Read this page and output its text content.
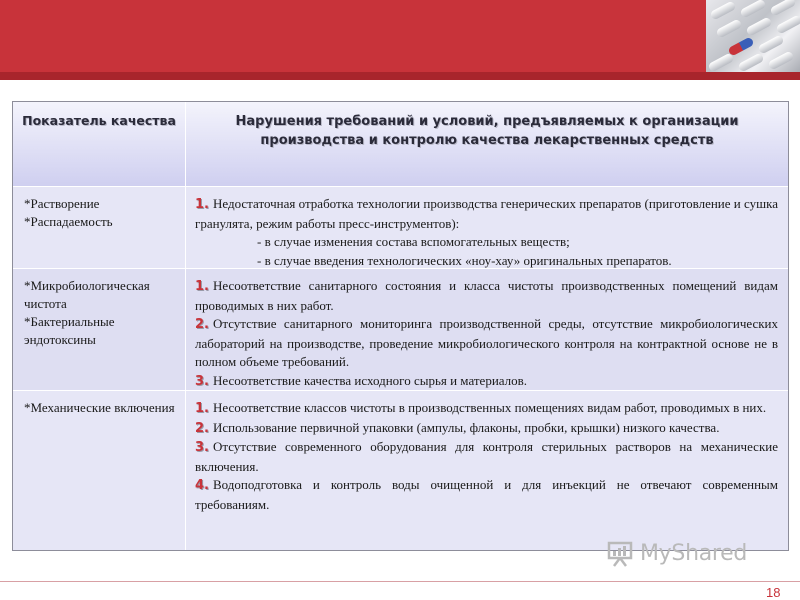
Показатель качества	Нарушения требований и условий, предъявляемых к организации производства и контролю качества лекарственных средств
*Растворение
*Распадаемость

1. Недостаточная отработка технологии производства генерических препаратов (приготовление и сушка гранулята, режим работы пресс-инструментов):

- в случае изменения состава вспомогательных веществ;

- в случае введения технологических «ноу-хау» оригинальных препаратов.

*Микробиологическая чистота
*Бактериальные эндотоксины

1. Несоответствие санитарного состояния и класса чистоты производственных помещений видам проводимых в них работ.

2. Отсутствие санитарного мониторинга производственной среды, отсутствие микробиологических лабораторий на производстве, проведение микробиологического контроля на контрактной основе не в полном объеме требований.

3. Несоответствие качества исходного сырья и материалов.

*Механические включения	1. Несоответствие классов чистоты в производственных помещениях видам работ, проводимых в них.

2. Использование первичной упаковки (ампулы, флаконы, пробки, крышки) низкого качества.

3. Отсутствие современного оборудования для контроля стерильных растворов на механические включения.

4. Водоподготовка и контроль воды очищенной и для инъекций не отвечают современным требованиям.

MyShared
18
